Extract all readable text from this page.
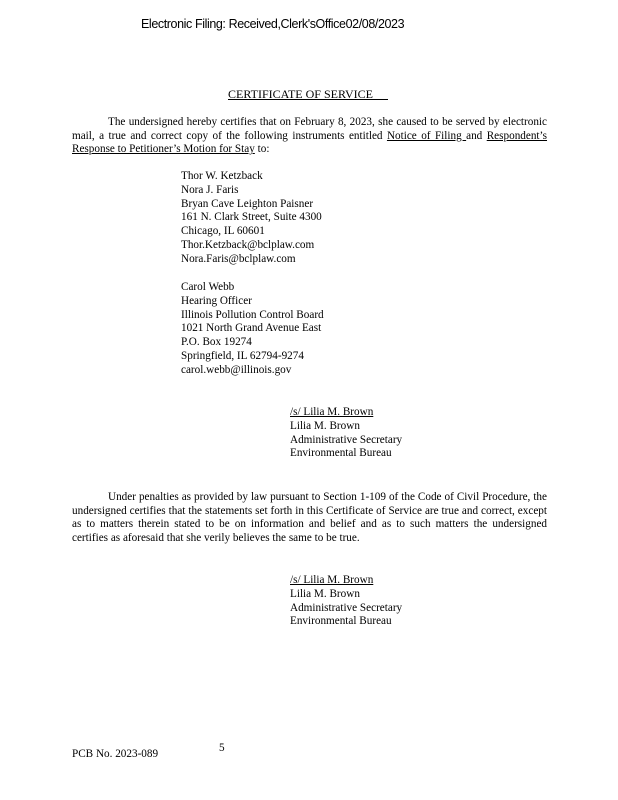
Electronic Filing: Received,Clerk'sOffice02/08/2023
CERTIFICATE OF SERVICE
The undersigned hereby certifies that on February 8, 2023, she caused to be served by electronic mail, a true and correct copy of the following instruments entitled Notice of Filing and Respondent’s Response to Petitioner’s Motion for Stay to:
Thor W. Ketzback
Nora J. Faris
Bryan Cave Leighton Paisner
161 N. Clark Street, Suite 4300
Chicago, IL 60601
Thor.Ketzback@bclplaw.com
Nora.Faris@bclplaw.com
Carol Webb
Hearing Officer
Illinois Pollution Control Board
1021 North Grand Avenue East
P.O. Box 19274
Springfield, IL 62794-9274
carol.webb@illinois.gov
/s/ Lilia M. Brown
Lilia M. Brown
Administrative Secretary
Environmental Bureau
Under penalties as provided by law pursuant to Section 1-109 of the Code of Civil Procedure, the undersigned certifies that the statements set forth in this Certificate of Service are true and correct, except as to matters therein stated to be on information and belief and as to such matters the undersigned certifies as aforesaid that she verily believes the same to be true.
/s/ Lilia M. Brown
Lilia M. Brown
Administrative Secretary
Environmental Bureau
PCB No. 2023-089	5
